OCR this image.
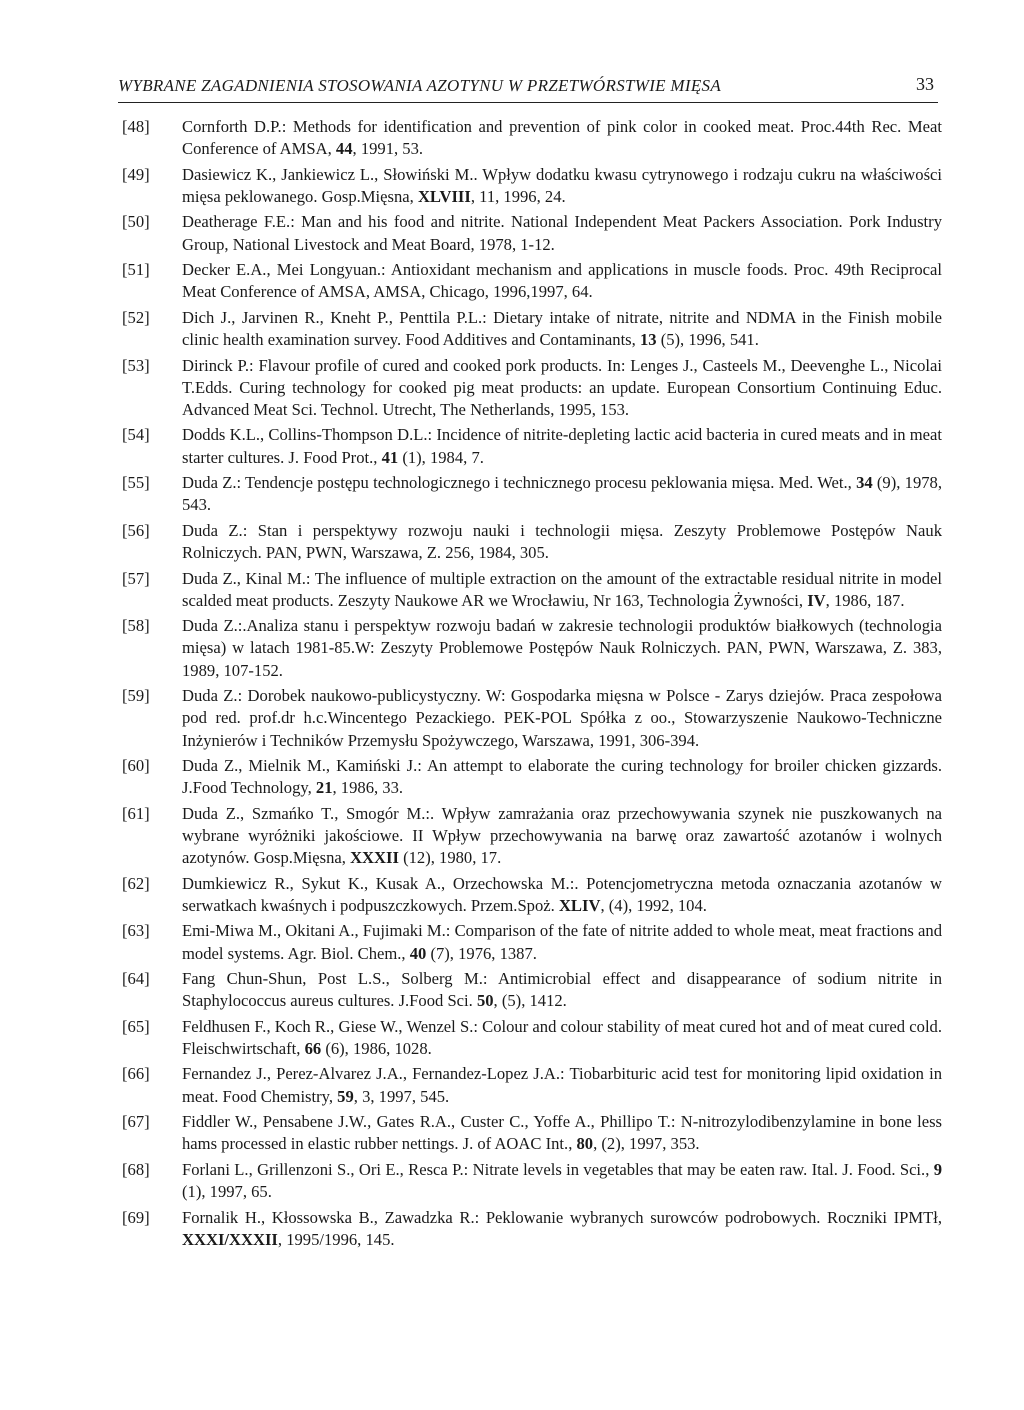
WYBRANE ZAGADNIENIA STOSOWANIA AZOTYNU W PRZETWÓRSTWIE MIĘSA	33
[48] Cornforth D.P.: Methods for identification and prevention of pink color in cooked meat. Proc.44th Rec. Meat Conference of AMSA, 44, 1991, 53.
[49] Dasiewicz K., Jankiewicz L., Słowiński M.. Wpływ dodatku kwasu cytrynowego i rodzaju cukru na właściwości mięsa peklowanego. Gosp.Mięsna, XLVIII, 11, 1996, 24.
[50] Deatherage F.E.: Man and his food and nitrite. National Independent Meat Packers Association. Pork Industry Group, National Livestock and Meat Board, 1978, 1-12.
[51] Decker E.A., Mei Longyuan.: Antioxidant mechanism and applications in muscle foods. Proc. 49th Reciprocal Meat Conference of AMSA, AMSA, Chicago, 1996,1997, 64.
[52] Dich J., Jarvinen R., Kneht P., Penttila P.L.: Dietary intake of nitrate, nitrite and NDMA in the Finish mobile clinic health examination survey. Food Additives and Contaminants, 13 (5), 1996, 541.
[53] Dirinck P.: Flavour profile of cured and cooked pork products. In: Lenges J., Casteels M., Deevenghe L., Nicolai T.Edds. Curing technology for cooked pig meat products: an update. European Consortium Continuing Educ. Advanced Meat Sci. Technol. Utrecht, The Netherlands, 1995, 153.
[54] Dodds K.L., Collins-Thompson D.L.: Incidence of nitrite-depleting lactic acid bacteria in cured meats and in meat starter cultures. J. Food Prot., 41 (1), 1984, 7.
[55] Duda Z.: Tendencje postępu technologicznego i technicznego procesu peklowania mięsa. Med. Wet., 34 (9), 1978, 543.
[56] Duda Z.: Stan i perspektywy rozwoju nauki i technologii mięsa. Zeszyty Problemowe Postępów Nauk Rolniczych. PAN, PWN, Warszawa, Z. 256, 1984, 305.
[57] Duda Z., Kinal M.: The influence of multiple extraction on the amount of the extractable residual nitrite in model scalded meat products. Zeszyty Naukowe AR we Wrocławiu, Nr 163, Technologia Żywności, IV, 1986, 187.
[58] Duda Z.:.Analiza stanu i perspektyw rozwoju badań w zakresie technologii produktów białkowych (technologia mięsa) w latach 1981-85.W: Zeszyty Problemowe Postępów Nauk Rolniczych. PAN, PWN, Warszawa, Z. 383, 1989, 107-152.
[59] Duda Z.: Dorobek naukowo-publicystyczny. W: Gospodarka mięsna w Polsce - Zarys dziejów. Praca zespołowa pod red. prof.dr h.c.Wincentego Pezackiego. PEK-POL Spółka z oo., Stowarzyszenie Naukowo-Techniczne Inżynierów i Techników Przemysłu Spożywczego, Warszawa, 1991, 306-394.
[60] Duda Z., Mielnik M., Kamiński J.: An attempt to elaborate the curing technology for broiler chicken gizzards. J.Food Technology, 21, 1986, 33.
[61] Duda Z., Szmańko T., Smogór M.:. Wpływ zamrażania oraz przechowywania szynek nie puszkowanych na wybrane wyróżniki jakościowe. II Wpływ przechowywania na barwę oraz zawartość azotanów i wolnych azotynów. Gosp.Mięsna, XXXII (12), 1980, 17.
[62] Dumkiewicz R., Sykut K., Kusak A., Orzechowska M.:. Potencjometryczna metoda oznaczania azotanów w serwatkach kwaśnych i podpuszczkowych. Przem.Spoż. XLIV, (4), 1992, 104.
[63] Emi-Miwa M., Okitani A., Fujimaki M.: Comparison of the fate of nitrite added to whole meat, meat fractions and model systems. Agr. Biol. Chem., 40 (7), 1976, 1387.
[64] Fang Chun-Shun, Post L.S., Solberg M.: Antimicrobial effect and disappearance of sodium nitrite in Staphylococcus aureus cultures. J.Food Sci. 50, (5), 1412.
[65] Feldhusen F., Koch R., Giese W., Wenzel S.: Colour and colour stability of meat cured hot and of meat cured cold. Fleischwirtschaft, 66 (6), 1986, 1028.
[66] Fernandez J., Perez-Alvarez J.A., Fernandez-Lopez J.A.: Tiobarbituric acid test for monitoring lipid oxidation in meat. Food Chemistry, 59, 3, 1997, 545.
[67] Fiddler W., Pensabene J.W., Gates R.A., Custer C., Yoffe A., Phillipo T.: N-nitrozylodibenzylamine in bone less hams processed in elastic rubber nettings. J. of AOAC Int., 80, (2), 1997, 353.
[68] Forlani L., Grillenzoni S., Ori E., Resca P.: Nitrate levels in vegetables that may be eaten raw. Ital. J. Food. Sci., 9 (1), 1997, 65.
[69] Fornalik H., Kłossowska B., Zawadzka R.: Peklowanie wybranych surowców podrobowych. Roczniki IPMTł, XXXI/XXXII, 1995/1996, 145.
